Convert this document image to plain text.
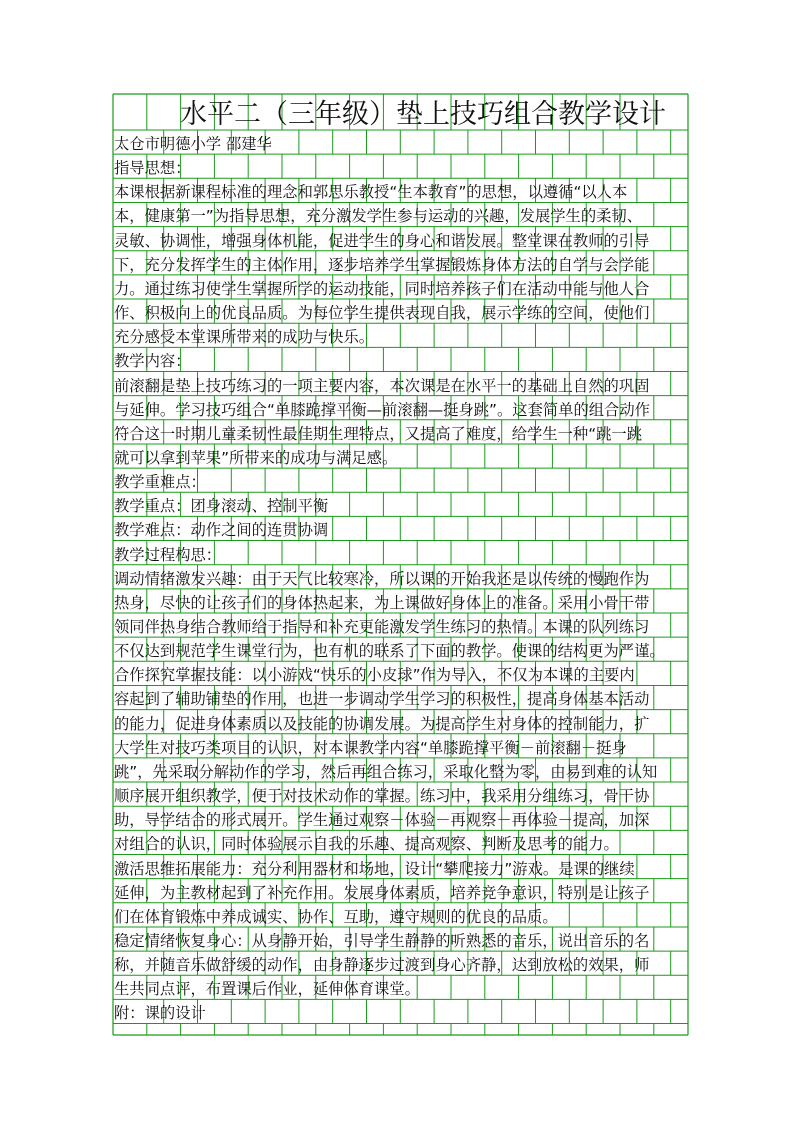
水平二（三年级）垫上技巧组合教学设计
太仓市明德小学 邵建华
指导思想：
本课根据新课程标准的理念和郭思乐教授“生本教育”的思想，以遵循“以人本
本，健康第一”为指导思想，充分激发学生参与运动的兴趣，发展学生的柔韧、
灵敏、协调性，增强身体机能，促进学生的身心和谐发展。整堂课在教师的引导
下，充分发挥学生的主体作用，逐步培养学生掌握锻炼身体方法的自学与会学能
力。通过练习使学生掌握所学的运动技能，同时培养孩子们在活动中能与他人合
作、积极向上的优良品质。为每位学生提供表现自我，展示学练的空间，使他们
充分感受本堂课所带来的成功与快乐。
教学内容：
前滚翻是垫上技巧练习的一项主要内容，本次课是在水平一的基础上自然的巩固
与延伸。学习技巧组合“单膝跪撑平衡—前滚翻—挺身跳”。这套简单的组合动作
符合这一时期儿童柔韧性最佳期生理特点，又提高了难度，给学生一种“跳一跳
就可以拿到苹果”所带来的成功与满足感。
教学重难点：
教学重点：团身滚动、控制平衡
教学难点：动作之间的连贯协调
教学过程构思：
调动情绪激发兴趣：由于天气比较寒冷，所以课的开始我还是以传统的慢跑作为
热身，尽快的让孩子们的身体热起来，为上课做好身体上的准备。采用小骨干带
领同伴热身结合教师给于指导和补充更能激发学生练习的热情。本课的队列练习
不仅达到规范学生课堂行为，也有机的联系了下面的教学。使课的结构更为严谨。
合作探究掌握技能：以小游戏“快乐的小皮球”作为导入，不仅为本课的主要内
容起到了辅助铺垫的作用，也进一步调动学生学习的积极性，提高身体基本活动
的能力，促进身体素质以及技能的协调发展。为提高学生对身体的控制能力，扩
大学生对技巧类项目的认识，对本课教学内容“单膝跪撑平衡－前滚翻－挺身
跳”，先采取分解动作的学习，然后再组合练习，采取化整为零，由易到难的认知
顺序展开组织教学，便于对技术动作的掌握。练习中，我采用分组练习，骨干协
助，导学结合的形式展开。学生通过观察－体验－再观察－再体验－提高，加深
对组合的认识，同时体验展示自我的乐趣、提高观察、判断及思考的能力。
激活思维拓展能力：充分利用器材和场地，设计“攀爬接力”游戏。是课的继续
延伸，为主教材起到了补充作用。发展身体素质，培养竞争意识，特别是让孩子
们在体育锻炼中养成诚实、协作、互助，遵守规则的优良的品质。
稳定情绪恢复身心：从身静开始，引导学生静静的听熟悉的音乐，说出音乐的名
称，并随音乐做舒缓的动作，由身静逐步过渡到身心齐静，达到放松的效果，师
生共同点评，布置课后作业，延伸体育课堂。
附：课的设计
